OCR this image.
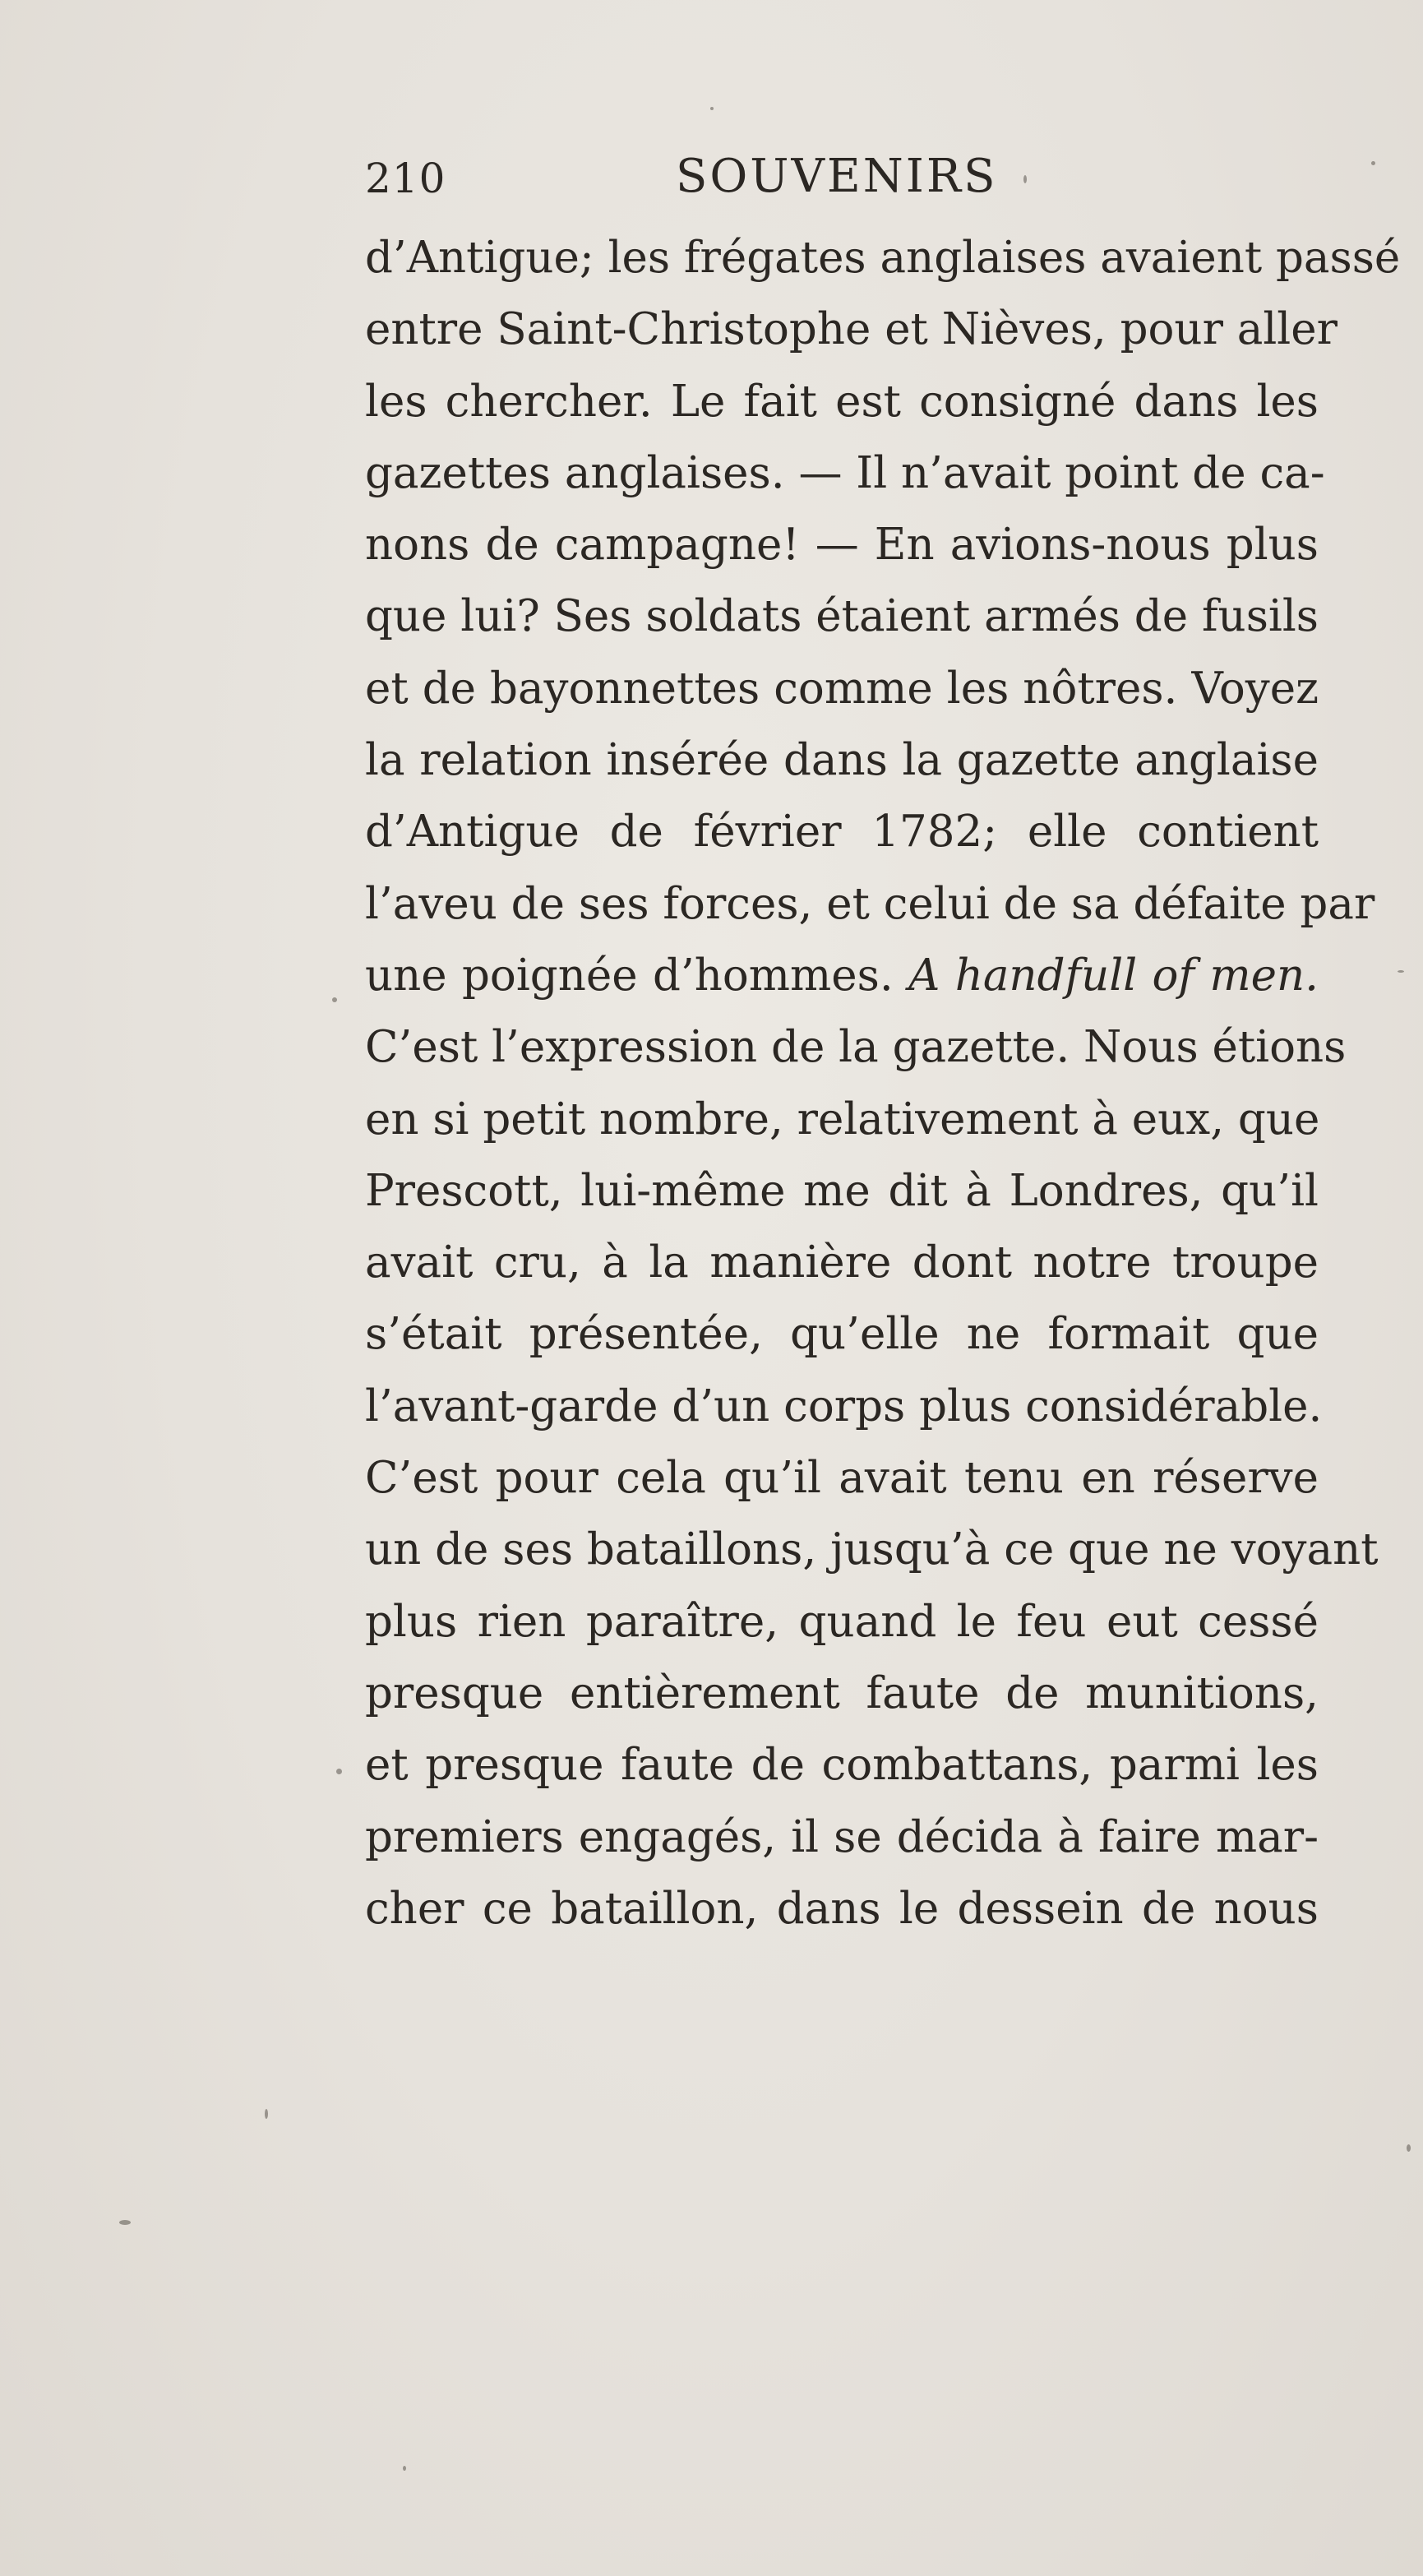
210	SOUVENIRS
d’Antigue; les frégates anglaises avaient passé
entre Saint-Christophe et Nièves, pour aller
les chercher. Le fait est consigné dans les
gazettes anglaises. — Il n’avait point de ca-
nons de campagne! — En avions-nous plus
que lui? Ses soldats étaient armés de fusils
et de bayonnettes comme les nôtres. Voyez
la relation insérée dans la gazette anglaise
d’Antigue de février 1782; elle contient
l’aveu de ses forces, et celui de sa défaite par
une poignée d’hommes. A handfull of men.
C’est l’expression de la gazette. Nous étions
en si petit nombre, relativement à eux, que
Prescott, lui-même me dit à Londres, qu’il
avait cru, à la manière dont notre troupe
s’était présentée, qu’elle ne formait que
l’avant-garde d’un corps plus considérable.
C’est pour cela qu’il avait tenu en réserve
un de ses bataillons, jusqu’à ce que ne voyant
plus rien paraître, quand le feu eut cessé
presque entièrement faute de munitions,
et presque faute de combattans, parmi les
premiers engagés, il se décida à faire mar-
cher ce bataillon, dans le dessein de nous
